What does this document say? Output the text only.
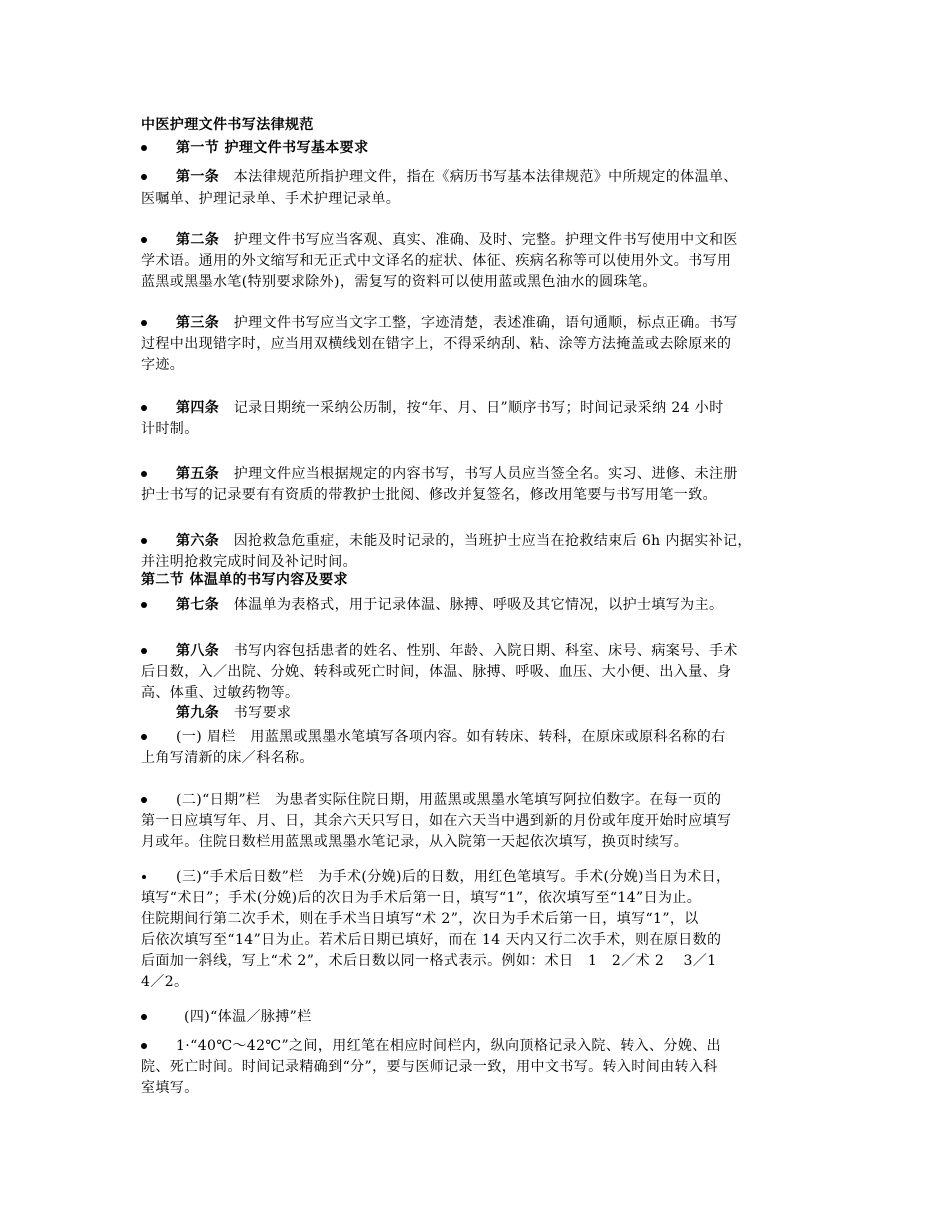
中医护理文件书写法律规范
第一节 护理文件书写基本要求
第一条 本法律规范所指护理文件，指在《病历书写基本法律规范》中所规定的体温单、
医嘱单、护理记录单、手术护理记录单。
第二条 护理文件书写应当客观、真实、准确、及时、完整。护理文件书写使用中文和医
学术语。通用的外文缩写和无正式中文译名的症状、体征、疾病名称等可以使用外文。书写用
蓝黑或黑墨水笔(特别要求除外)，需复写的资料可以使用蓝或黑色油水的圆珠笔。
第三条 护理文件书写应当文字工整，字迹清楚，表述准确，语句通顺，标点正确。书写
过程中出现错字时，应当用双横线划在错字上，不得采纳刮、粘、涂等方法掩盖或去除原来的
字迹。
第四条 记录日期统一采纳公历制，按“年、月、日”顺序书写；时间记录采纳 24 小时
计时制。
第五条 护理文件应当根据规定的内容书写，书写人员应当签全名。实习、进修、未注册
护士书写的记录要有有资质的带教护士批阅、修改并复签名，修改用笔要与书写用笔一致。
第六条 因抢救急危重症，未能及时记录的，当班护士应当在抢救结束后 6h 内据实补记，
并注明抢救完成时间及补记时间。
第二节 体温单的书写内容及要求
第七条 体温单为表格式，用于记录体温、脉搏、呼吸及其它情况，以护士填写为主。
第八条 书写内容包括患者的姓名、性别、年龄、入院日期、科室、床号、病案号、手术
后日数，入／出院、分娩、转科或死亡时间，体温、脉搏、呼吸、血压、大小便、出入量、身
高、体重、过敏药物等。
第九条 书写要求
(一) 眉栏   用蓝黑或黑墨水笔填写各项内容。如有转床、转科，在原床或原科名称的右
上角写清新的床／科名称。
(二)“日期”栏   为患者实际住院日期，用蓝黑或黑墨水笔填写阿拉伯数字。在每一页的
第一日应填写年、月、日，其余六天只写日，如在六天当中遇到新的月份或年度开始时应填写
月或年。住院日数栏用蓝黑或黑墨水笔记录，从入院第一天起依次填写，换页时续写。
(三)“手术后日数”栏   为手术(分娩)后的日数，用红色笔填写。手术(分娩)当日为术日，
填写“术日”；手术(分娩)后的次日为手术后第一日，填写“1”，依次填写至“14”日为止。
住院期间行第二次手术，则在手术当日填写“术 2”，次日为手术后第一日，填写“1”，以
后依次填写至“14”日为止。若术后日期已填好，而在 14 天内又行二次手术，则在原日数的
后面加一斜线，写上“术 2”，术后日数以同一格式表示。例如：术日   1   2／术 2    3／1
4／2。
(四)“体温／脉搏”栏
1·“40℃～42℃”之间，用红笔在相应时间栏内，纵向顶格记录入院、转入、分娩、出
院、死亡时间。时间记录精确到“分”，要与医师记录一致，用中文书写。转入时间由转入科
室填写。
